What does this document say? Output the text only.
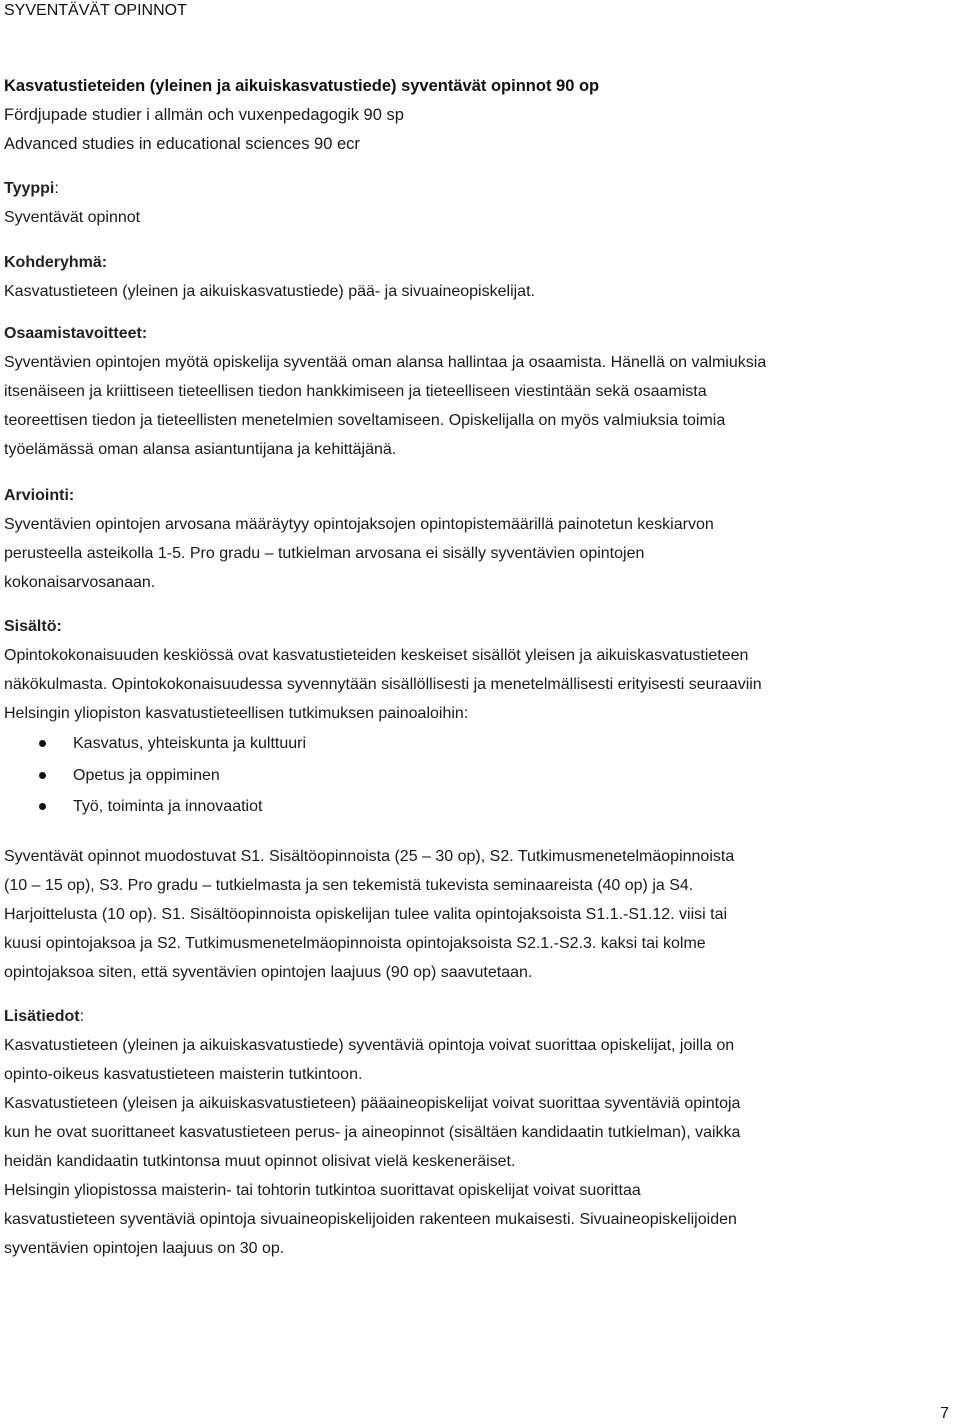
SYVENTÄVÄT OPINNOT
Kasvatustieteiden (yleinen ja aikuiskasvatustiede) syventävät opinnot 90 op
Fördjupade studier i allmän och vuxenpedagogik 90 sp
Advanced studies in educational sciences 90 ecr

Tyyppi:

Syventävät opinnot

Kohderyhmä:

Kasvatustieteen (yleinen ja aikuiskasvatustiede) pää- ja sivuaineopiskelijat.

Osaamistavoitteet:

Syventävien opintojen myötä opiskelija syventää oman alansa hallintaa ja osaamista. Hänellä on valmiuksia

itsenäiseen ja kriittiseen tieteellisen tiedon hankkimiseen ja tieteelliseen viestintään sekä osaamista

teoreettisen tiedon ja tieteellisten menetelmien soveltamiseen. Opiskelijalla on myös valmiuksia toimia

työelämässä oman alansa asiantuntijana ja kehittäjänä.

Arviointi:

Syventävien opintojen arvosana määräytyy opintojaksojen opintopistemäärillä painotetun keskiarvon

perusteella asteikolla 1-5. Pro gradu – tutkielman arvosana ei sisälly syventävien opintojen

kokonaisarvosanaan.

Sisältö:

Opintokokonaisuuden keskiössä ovat kasvatustieteiden keskeiset sisällöt yleisen ja aikuiskasvatustieteen

näkökulmasta. Opintokokonaisuudessa syvennytään sisällöllisesti ja menetelmällisesti erityisesti seuraaviin

Helsingin yliopiston kasvatustieteellisen tutkimuksen painoaloihin:

Kasvatus, yhteiskunta ja kulttuuri
Opetus ja oppiminen
Työ, toiminta ja innovaatiot

Syventävät opinnot muodostuvat S1. Sisältöopinnoista (25 – 30 op), S2. Tutkimusmenetelmäopinnoista

(10 – 15 op), S3. Pro gradu – tutkielmasta ja sen tekemistä tukevista seminaareista (40 op) ja S4.

Harjoittelusta (10 op). S1. Sisältöopinnoista opiskelijan tulee valita opintojaksoista S1.1.-S1.12. viisi tai

kuusi opintojaksoa ja S2. Tutkimusmenetelmäopinnoista opintojaksoista S2.1.-S2.3. kaksi tai kolme

opintojaksoa siten, että syventävien opintojen laajuus (90 op) saavutetaan.

Lisätiedot:

Kasvatustieteen (yleinen ja aikuiskasvatustiede) syventäviä opintoja voivat suorittaa opiskelijat, joilla on

opinto-oikeus kasvatustieteen maisterin tutkintoon.

Kasvatustieteen (yleisen ja aikuiskasvatustieteen) pääaineopiskelijat voivat suorittaa syventäviä opintoja

kun he ovat suorittaneet kasvatustieteen perus- ja aineopinnot (sisältäen kandidaatin tutkielman), vaikka

heidän kandidaatin tutkintonsa muut opinnot olisivat vielä keskeneräiset.

Helsingin yliopistossa maisterin- tai tohtorin tutkintoa suorittavat opiskelijat voivat suorittaa

kasvatustieteen syventäviä opintoja sivuaineopiskelijoiden rakenteen mukaisesti. Sivuaineopiskelijoiden

syventävien opintojen laajuus on 30 op.

7
